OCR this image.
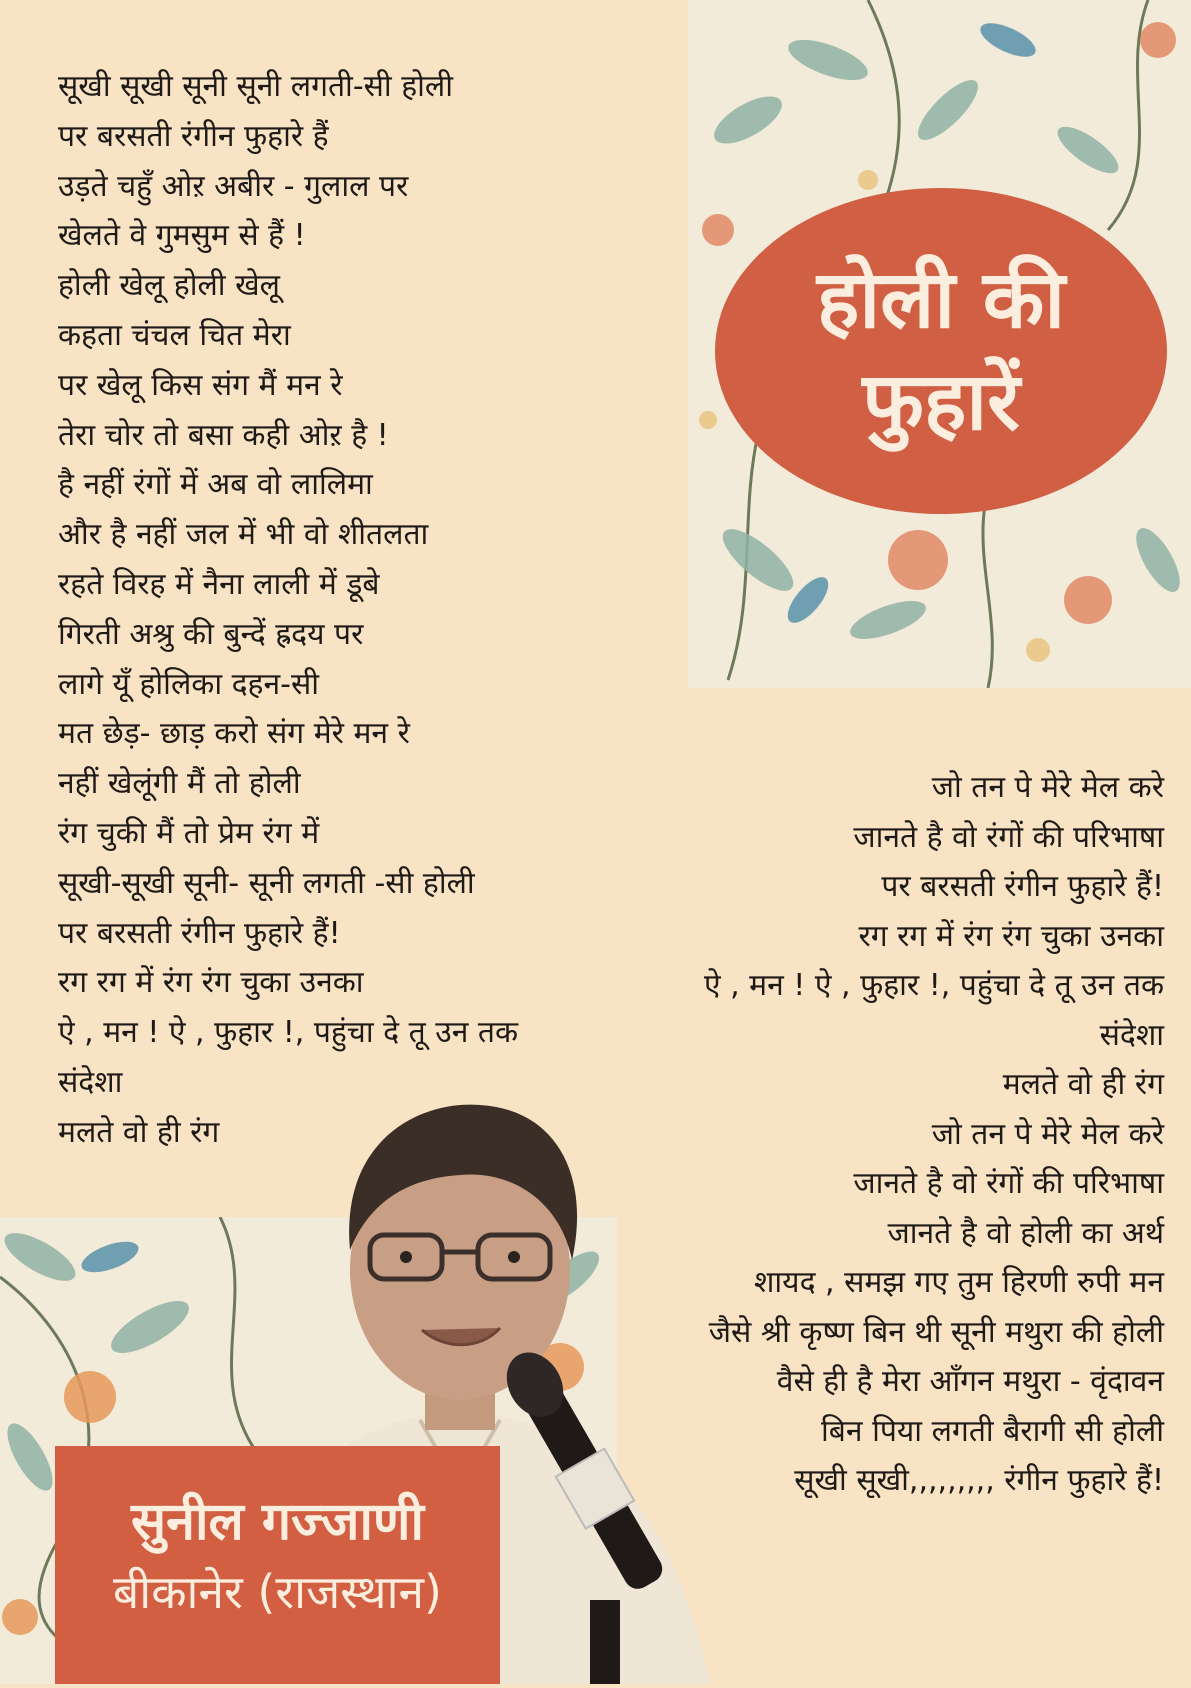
सूखी सूखी सूनी सूनी लगती-सी होली
पर बरसती रंगीन फुहारे हैं
उड़ते चहुँ ओऱ अबीर - गुलाल पर
खेलते वे गुमसुम से हैं !
होली खेलू होली खेलू
कहता चंचल चित मेरा
पर खेलू किस संग मैं मन रे
तेरा चोर तो बसा कही ओऱ है !
है नहीं रंगों में अब वो लालिमा
और है नहीं जल में भी वो शीतलता
रहते विरह में नैना लाली में डूबे
गिरती अश्रु की बुन्दें ह्रदय पर
लागे यूँ होलिका दहन-सी
मत छेड़- छाड़ करो संग मेरे मन रे
नहीं खेलूंगी मैं तो होली
रंग चुकी मैं तो प्रेम रंग में
सूखी-सूखी सूनी- सूनी लगती -सी होली
पर बरसती रंगीन फुहारे हैं!
रग रग में रंग रंग चुका उनका
ऐ , मन ! ऐ , फुहार !, पहुंचा दे तू उन तक
संदेशा
मलते वो ही रंग
होली की
फुहारें
जो तन पे मेरे मेल करे
जानते है वो रंगों की परिभाषा
पर बरसती रंगीन फुहारे हैं!
रग रग में रंग रंग चुका उनका
ऐ , मन ! ऐ , फुहार !, पहुंचा दे तू उन तक संदेशा
मलते वो ही रंग
जो तन पे मेरे मेल करे
जानते है वो रंगों की परिभाषा
जानते है वो होली का अर्थ
शायद , समझ गए तुम हिरणी रुपी मन
जैसे श्री कृष्ण बिन थी सूनी मथुरा की होली
वैसे ही है मेरा आँगन मथुरा - वृंदावन
बिन पिया लगती बैरागी सी होली
सूखी सूखी,,,,,,,,, रंगीन फुहारे हैं!
सुनील गज्जाणी
बीकानेर (राजस्थान)
